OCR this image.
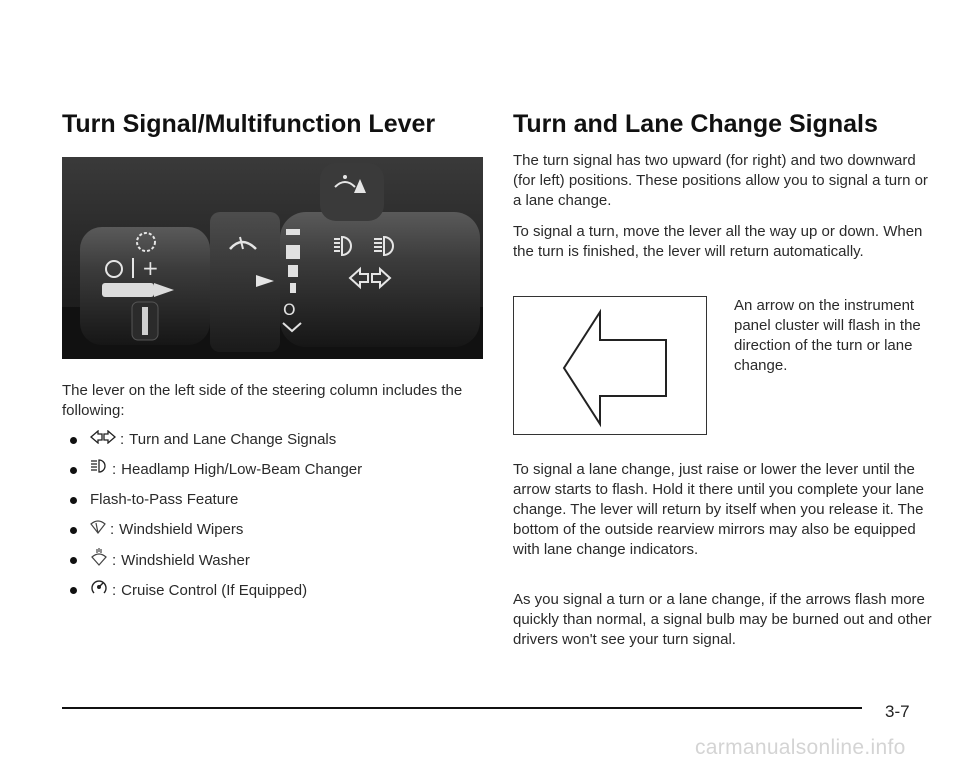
Turn Signal/Multifunction Lever	Turn and Lane Change Signals
+
O

The lever on the left side of the steering column includes the following:

: Turn and Lane Change Signals
: Headlamp High/Low-Beam Changer
Flash-to-Pass Feature
: Windshield Wipers
: Windshield Washer
: Cruise Control (If Equipped)

The turn signal has two upward (for right) and two downward (for left) positions. These positions allow you to signal a turn or a lane change.

To signal a turn, move the lever all the way up or down. When the turn is finished, the lever will return automatically.

An arrow on the instrument panel cluster will flash in the direction of the turn or lane change.

To signal a lane change, just raise or lower the lever until the arrow starts to flash. Hold it there until you complete your lane change. The lever will return by itself when you release it. The bottom of the outside rearview mirrors may also be equipped with lane change indicators.

As you signal a turn or a lane change, if the arrows flash more quickly than normal, a signal bulb may be burned out and other drivers won't see your turn signal.

3-7
carmanualsonline.info
